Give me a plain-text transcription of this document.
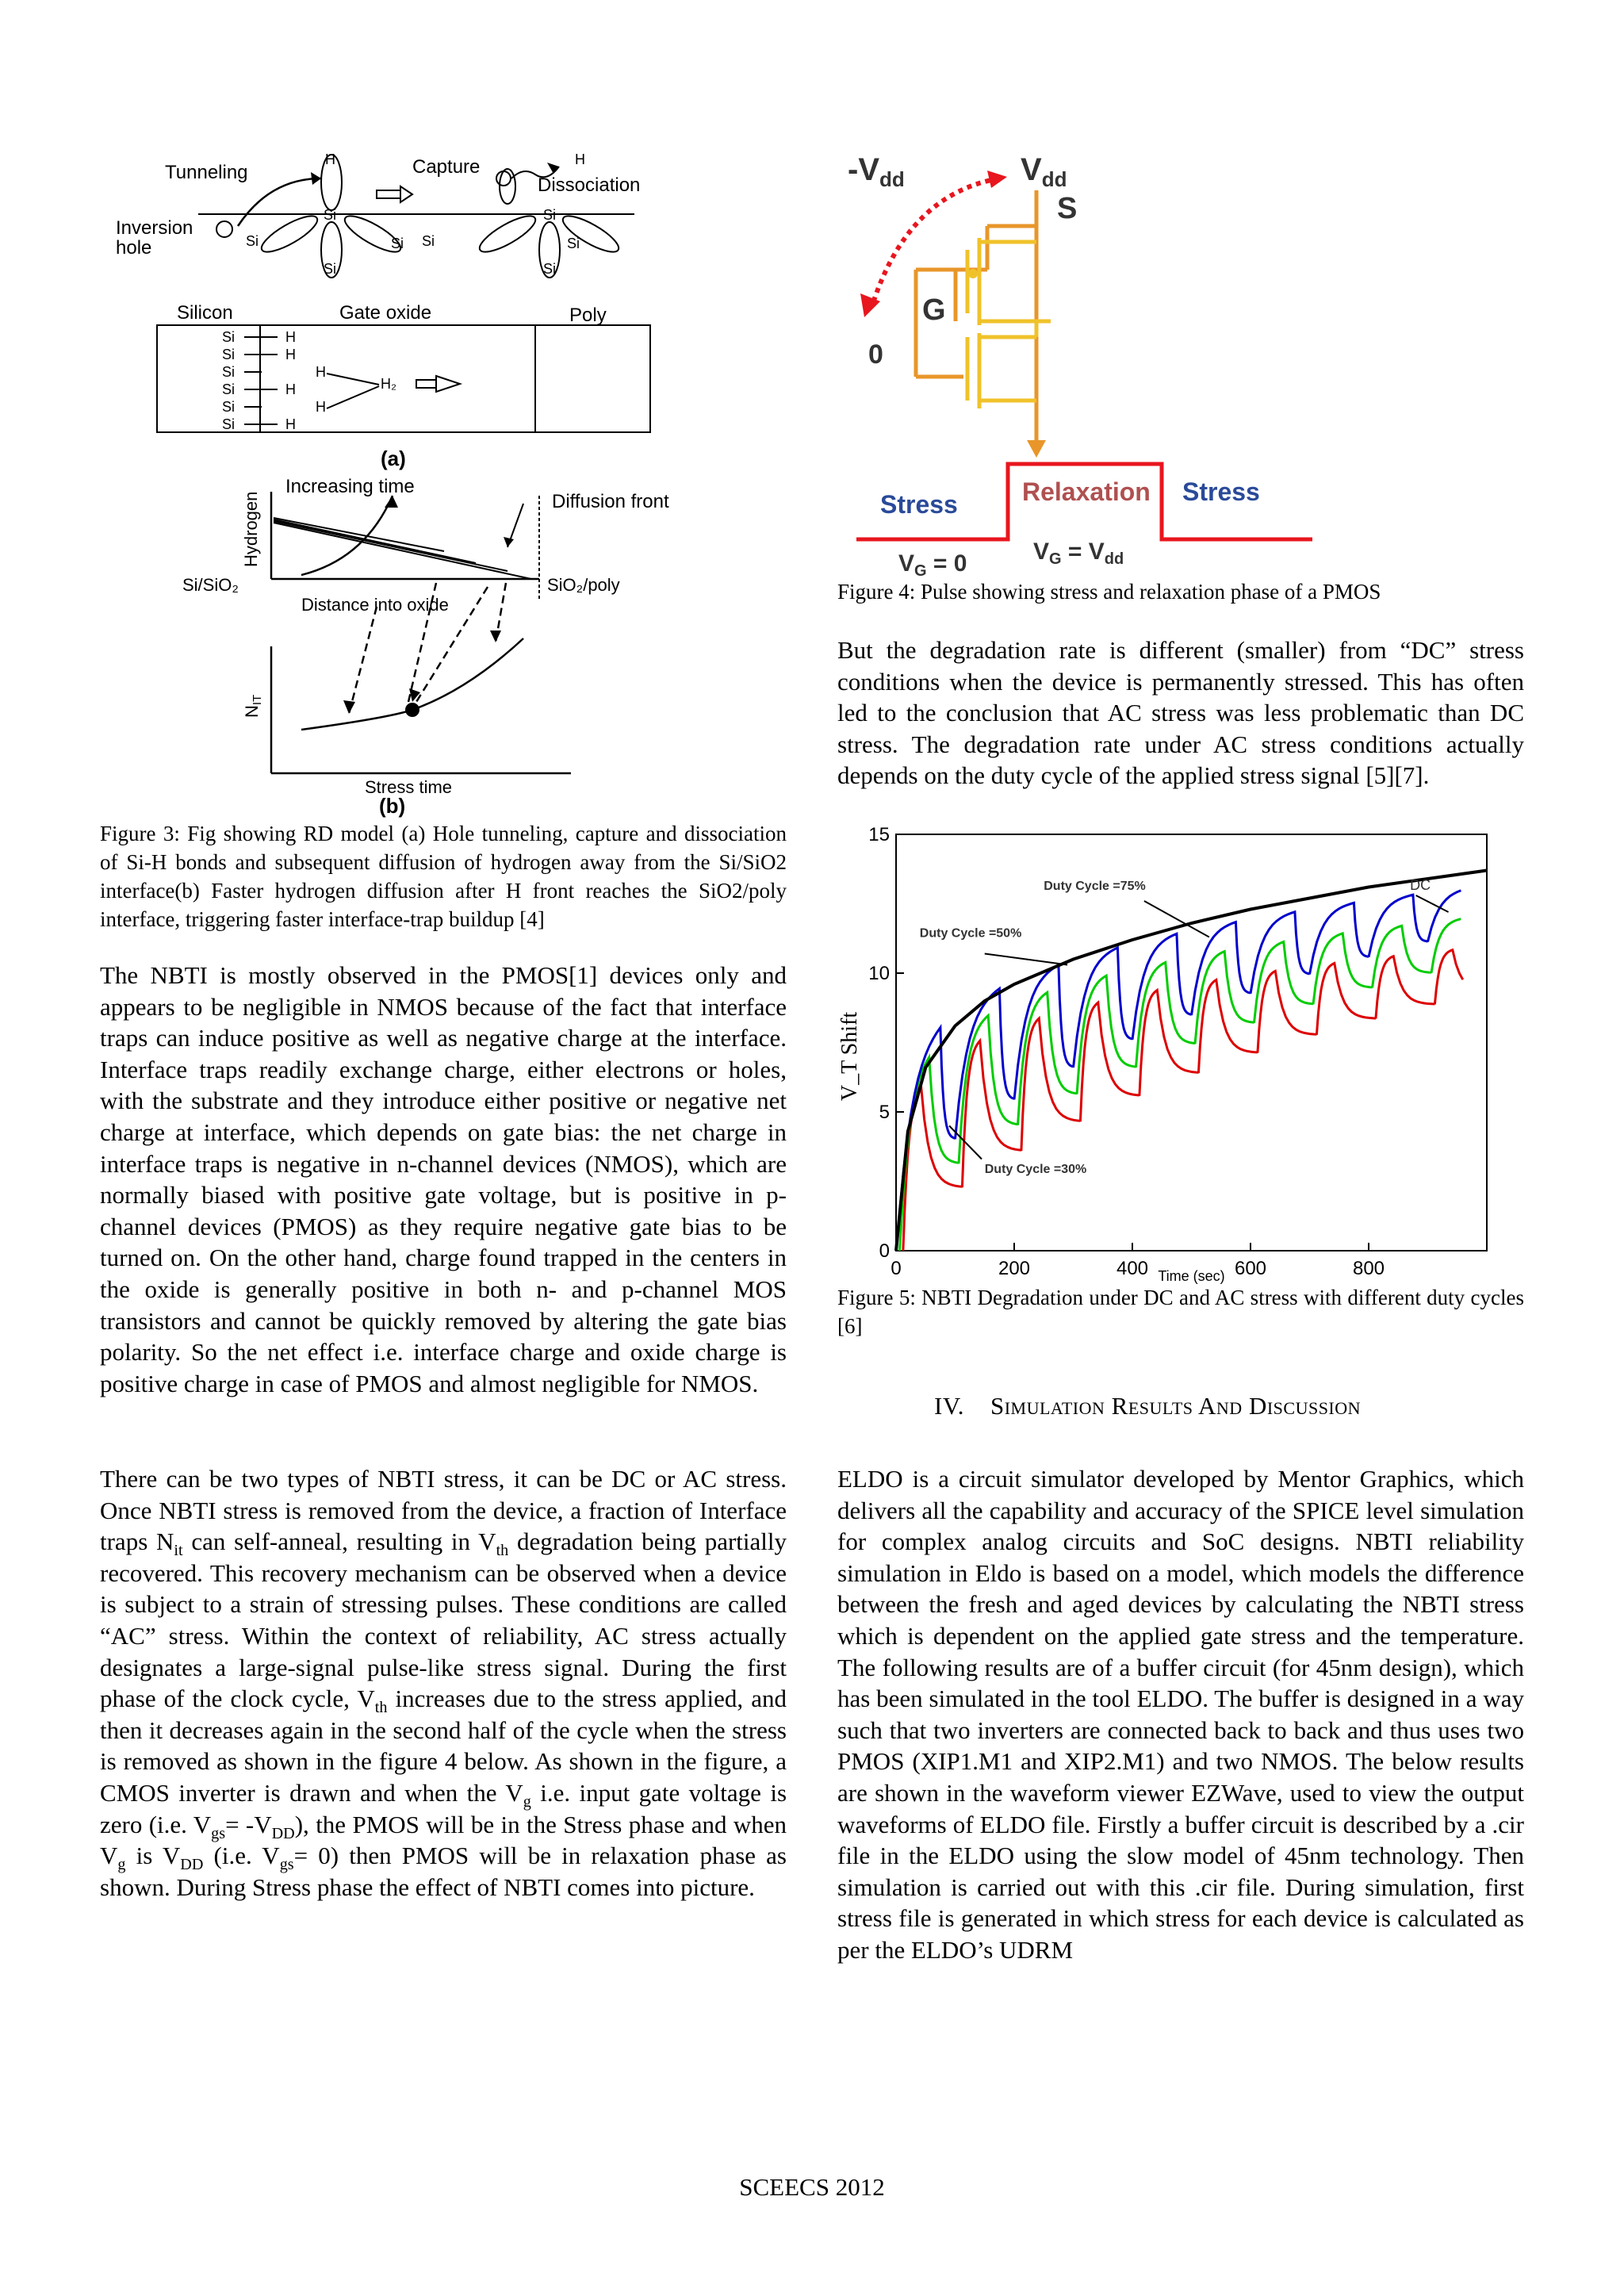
Tunneling	Capture
H	H
Dissociation
Inversion
hole	Si
Si
Si
Si
Si
Si
Si
Si
Silicon	Gate oxide	Poly
Si
Si
Si
Si
Si
Si
H
H
H
H
H
H
H₂
(a)
Increasing time
Diffusion front
Hydrogen
Si/SiO₂	SiO₂/poly
Distance into oxide
NIT
Stress time
(b)
Figure 3: Fig showing RD model (a) Hole tunneling, capture and dissociation of Si-H bonds and subsequent diffusion of hydrogen away from the Si/SiO2 interface(b) Faster hydrogen diffusion after H front reaches the SiO2/poly interface, triggering faster interface-trap buildup [4]
The NBTI is mostly observed in the PMOS[1] devices only and appears to be negligible in NMOS because of the fact that interface traps can induce positive as well as negative charge at the interface. Interface traps readily exchange charge, either electrons or holes, with the substrate and they introduce either positive or negative net charge at interface, which depends on gate bias: the net charge in interface traps is negative in n-channel devices (NMOS), which are normally biased with positive gate voltage, but is positive in p-channel devices (PMOS) as they require negative gate bias to be turned on. On the other hand, charge found trapped in the centers in the oxide is generally positive in both n- and p-channel MOS transistors and cannot be quickly removed by altering the gate bias polarity. So the net effect i.e. interface charge and oxide charge is positive charge in case of PMOS and almost negligible for NMOS.
There can be two types of NBTI stress, it can be DC or AC stress. Once NBTI stress is removed from the device, a fraction of Interface traps $N_{it}$ can self-anneal, resulting in $V_{th}$ degradation being partially recovered. This recovery mechanism can be observed when a device is subject to a strain of stressing pulses. These conditions are called “AC” stress. Within the context of reliability, AC stress actually designates a large-signal pulse-like stress signal. During the first phase of the clock cycle, $V_{th}$ increases due to the stress applied, and then it decreases again in the second half of the cycle when the stress is removed as shown in the figure 4 below. As shown in the figure, a CMOS inverter is drawn and when the $V_g$ i.e. input gate voltage is zero (i.e. $V_{gs}= -V_{DD}$), the PMOS will be in the Stress phase and when $V_g$ is $V_{DD}$ (i.e. $V_{gs}= 0$) then PMOS will be in relaxation phase as shown. During Stress phase the effect of NBTI comes into picture.
$-V_{dd}$	$V_{dd}$
S
G
0
Stress	Relaxation Stress
$V_G = 0$	$V_G = V_{dd}$
Figure 4: Pulse showing stress and relaxation phase of a PMOS
But the degradation rate is different (smaller) from “DC” stress conditions when the device is permanently stressed. This has often led to the conclusion that AC stress was less problematic than DC stress. The degradation rate under AC stress conditions actually depends on the duty cycle of the applied stress signal [5][7].
0	200	400	600	800
0
5
10
15
Time (sec)
V_T Shift
DC
Duty Cycle =75%
Duty Cycle =50%
Duty Cycle =30%
Figure 5: NBTI Degradation under DC and AC stress with different duty cycles [6]
IV. Simulation Results And Discussion
ELDO is a circuit simulator developed by Mentor Graphics, which delivers all the capability and accuracy of the SPICE level simulation for complex analog circuits and SoC designs. NBTI reliability simulation in Eldo is based on a model, which models the difference between the fresh and aged devices by calculating the NBTI stress which is dependent on the applied gate stress and the temperature. The following results are of a buffer circuit (for 45nm design), which has been simulated in the tool ELDO. The buffer is designed in a way such that two inverters are connected back to back and thus uses two PMOS (XIP1.M1 and XIP2.M1) and two NMOS. The below results are shown in the waveform viewer EZWave, used to view the output waveforms of ELDO file. Firstly a buffer circuit is described by a .cir file in the ELDO using the slow model of 45nm technology. Then simulation is carried out with this .cir file. During simulation, first stress file is generated in which stress for each device is calculated as per the ELDO’s UDRM
SCEECS 2012
